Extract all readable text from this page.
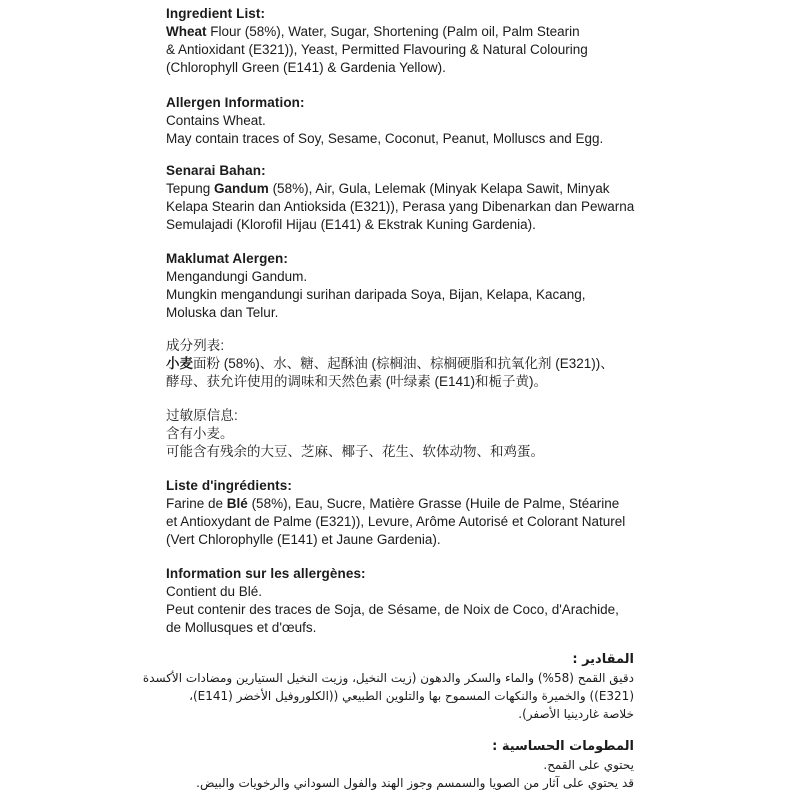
Ingredient List:
Wheat Flour (58%), Water, Sugar, Shortening (Palm oil, Palm Stearin
& Antioxidant (E321)), Yeast, Permitted Flavouring & Natural Colouring
(Chlorophyll Green (E141) & Gardenia Yellow).
Allergen Information:
Contains Wheat.
May contain traces of Soy, Sesame, Coconut, Peanut, Molluscs and Egg.
Senarai Bahan:
Tepung Gandum (58%), Air, Gula, Lelemak (Minyak Kelapa Sawit, Minyak
Kelapa Stearin dan Antioksida (E321)), Perasa yang Dibenarkan dan Pewarna
Semulajadi (Klorofil Hijau (E141) & Ekstrak Kuning Gardenia).
Maklumat Alergen:
Mengandungi Gandum.
Mungkin mengandungi surihan daripada Soya, Bijan, Kelapa, Kacang,
Moluska dan Telur.
成分列表:
小麦面粉 (58%)、水、糖、起酥油 (棕榈油、棕榈硬脂和抗氧化剂 (E321))、
酵母、获允许使用的调味和天然色素 (叶绿素 (E141)和栀子黄)。
过敏原信息:
含有小麦。
可能含有残余的大豆、芝麻、椰子、花生、软体动物、和鸡蛋。
Liste d'ingrédients:
Farine de Blé (58%), Eau, Sucre, Matière Grasse (Huile de Palme, Stéarine
et Antioxydant de Palme (E321)), Levure, Arôme Autorisé et Colorant Naturel
(Vert Chlorophylle (E141) et Jaune Gardenia).
Information sur les allergènes:
Contient du Blé.
Peut contenir des traces de Soja, de Sésame, de Noix de Coco, d'Arachide,
de Mollusques et d'œufs.
المقادير :
دقيق القمح (58%) والماء والسكر والدهون (زيت النخيل، وزيت النخيل الستيارين ومضادات الأكسدة
(E321)) والخميرة والنكهات المسموح بها والتلوين الطبيعي ((الكلوروفيل الأخضر (E141)،
خلاصة غاردينيا الأصفر).
المطومات الحساسية :
يحتوي على القمح.
قد يحتوي على آثار من الصويا والسمسم وجوز الهند والفول السوداني والرخويات والبيض.
